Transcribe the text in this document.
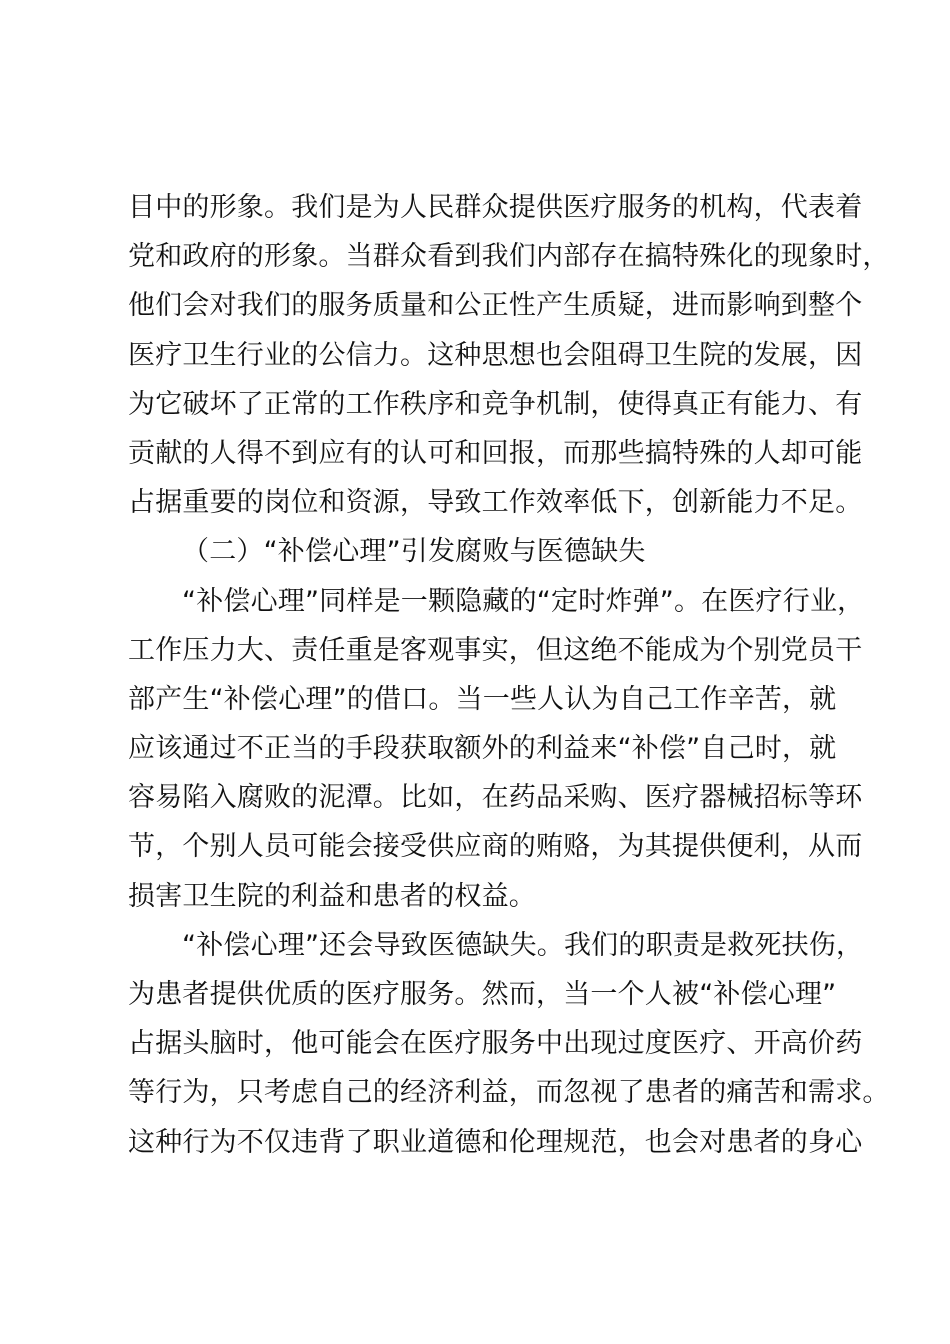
目中的形象。我们是为人民群众提供医疗服务的机构，代表着
党和政府的形象。当群众看到我们内部存在搞特殊化的现象时，
他们会对我们的服务质量和公正性产生质疑，进而影响到整个
医疗卫生行业的公信力。这种思想也会阻碍卫生院的发展，因
为它破坏了正常的工作秩序和竞争机制，使得真正有能力、有
贡献的人得不到应有的认可和回报，而那些搞特殊的人却可能
占据重要的岗位和资源，导致工作效率低下，创新能力不足。
（二）“补偿心理”引发腐败与医德缺失
“补偿心理”同样是一颗隐藏的“定时炸弹”。在医疗行业，
工作压力大、责任重是客观事实，但这绝不能成为个别党员干
部产生“补偿心理”的借口。当一些人认为自己工作辛苦，就
应该通过不正当的手段获取额外的利益来“补偿”自己时，就
容易陷入腐败的泥潭。比如，在药品采购、医疗器械招标等环
节，个别人员可能会接受供应商的贿赂，为其提供便利，从而
损害卫生院的利益和患者的权益。
“补偿心理”还会导致医德缺失。我们的职责是救死扶伤，
为患者提供优质的医疗服务。然而，当一个人被“补偿心理”
占据头脑时，他可能会在医疗服务中出现过度医疗、开高价药
等行为，只考虑自己的经济利益，而忽视了患者的痛苦和需求。
这种行为不仅违背了职业道德和伦理规范，也会对患者的身心
